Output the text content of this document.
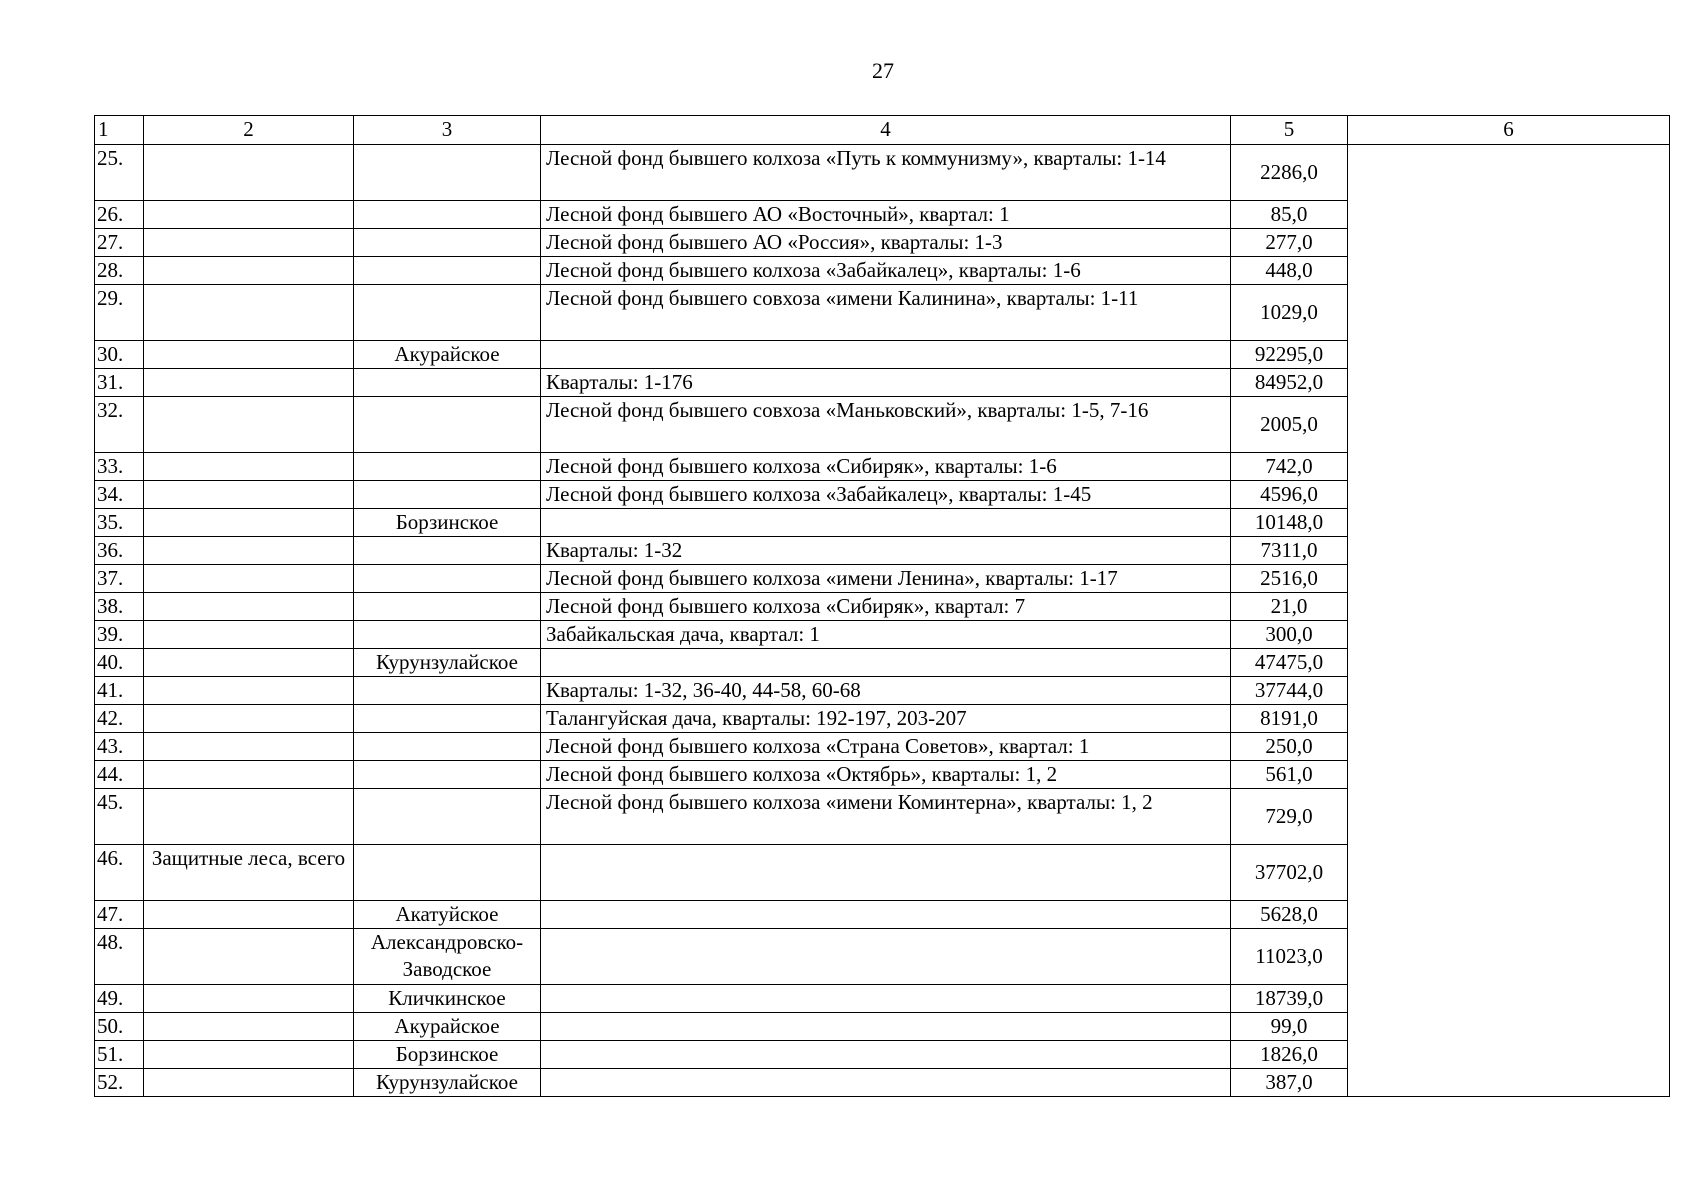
27
1	2	3	4	5	6
25.			Лесной фонд бывшего колхоза «Путь к коммунизму», кварталы: 1-14	2286,0	
26.			Лесной фонд бывшего АО «Восточный», квартал: 1	85,0	
27.			Лесной фонд бывшего АО «Россия», кварталы: 1-3	277,0	
28.			Лесной фонд бывшего колхоза «Забайкалец», кварталы: 1-6	448,0	
29.			Лесной фонд бывшего совхоза «имени Калинина», кварталы: 1-11	1029,0	
30.		Акурайское		92295,0	
31.			Кварталы: 1-176	84952,0	
32.			Лесной фонд бывшего совхоза «Маньковский», кварталы: 1-5, 7-16	2005,0	
33.			Лесной фонд бывшего колхоза «Сибиряк», кварталы: 1-6	742,0	
34.			Лесной фонд бывшего колхоза «Забайкалец», кварталы: 1-45	4596,0	
35.		Борзинское		10148,0	
36.			Кварталы: 1-32	7311,0	
37.			Лесной фонд бывшего колхоза «имени Ленина», кварталы: 1-17	2516,0	
38.			Лесной фонд бывшего колхоза «Сибиряк», квартал: 7	21,0	
39.			Забайкальская дача, квартал: 1	300,0	
40.		Курунзулайское		47475,0	
41.			Кварталы: 1-32, 36-40, 44-58, 60-68	37744,0	
42.			Талангуйская дача, кварталы: 192-197, 203-207	8191,0	
43.			Лесной фонд бывшего колхоза «Страна Советов», квартал: 1	250,0	
44.			Лесной фонд бывшего колхоза «Октябрь», кварталы: 1, 2	561,0	
45.			Лесной фонд бывшего колхоза «имени Коминтерна», кварталы: 1, 2	729,0	
46.	Защитные леса, всего			37702,0	
47.		Акатуйское		5628,0	
48.		Александровско-Заводское		11023,0	
49.		Кличкинское		18739,0	
50.		Акурайское		99,0	
51.		Борзинское		1826,0	
52.		Курунзулайское		387,0	
